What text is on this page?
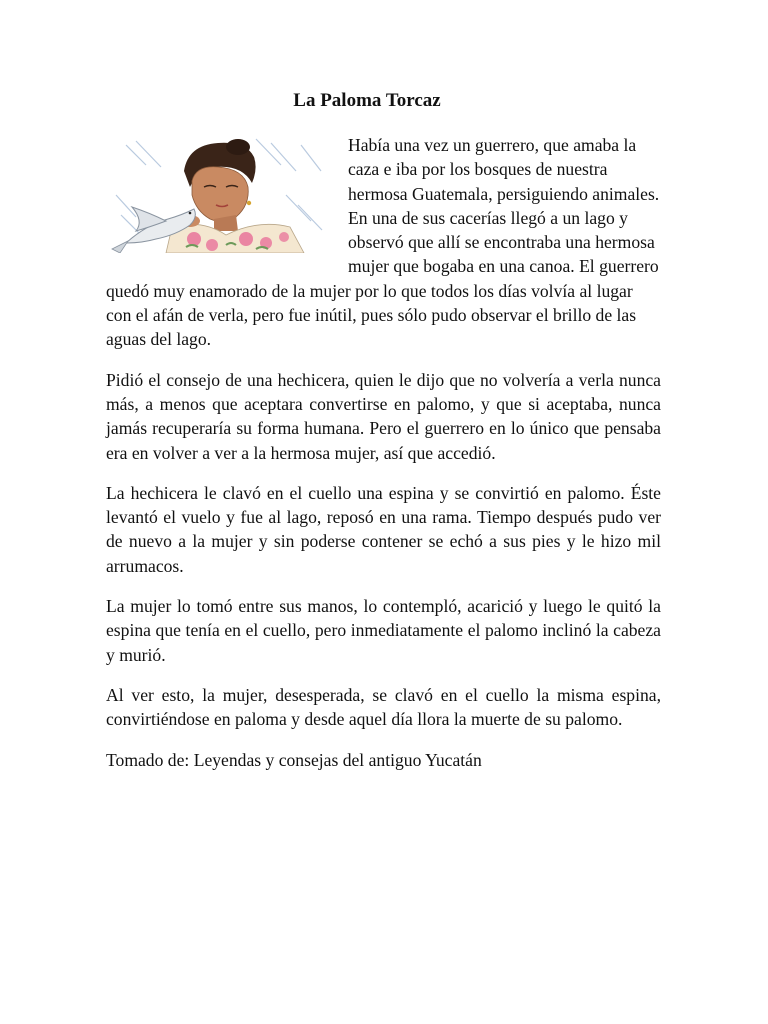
La Paloma Torcaz

Había una vez un guerrero, que amaba la caza e iba por los bosques de nuestra hermosa Guatemala, persiguiendo animales. En una de sus cacerías llegó a un lago y observó que allí se encontraba una hermosa mujer que bogaba en una canoa. El guerrero quedó muy enamorado de la mujer por lo que todos los días volvía al lugar con el afán de verla, pero fue inútil, pues sólo pudo observar el brillo de las aguas del lago.

Pidió el consejo de una hechicera, quien le dijo que no volvería a verla nunca más, a menos que aceptara convertirse en palomo, y que si aceptaba, nunca jamás recuperaría su forma humana. Pero el guerrero en lo único que pensaba era en volver a ver a la hermosa mujer, así que accedió.

La hechicera le clavó en el cuello una espina y se convirtió en palomo. Éste levantó el vuelo y fue al lago, reposó en una rama. Tiempo después pudo ver de nuevo a la mujer y sin poderse contener se echó a sus pies y le hizo mil arrumacos.

La mujer lo tomó entre sus manos, lo contempló, acarició y luego le quitó la espina que tenía en el cuello, pero inmediatamente el palomo inclinó la cabeza y murió.

Al ver esto, la mujer, desesperada, se clavó en el cuello la misma espina, convirtiéndose en paloma y desde aquel día llora la muerte de su palomo.

Tomado de: Leyendas y consejas del antiguo Yucatán
